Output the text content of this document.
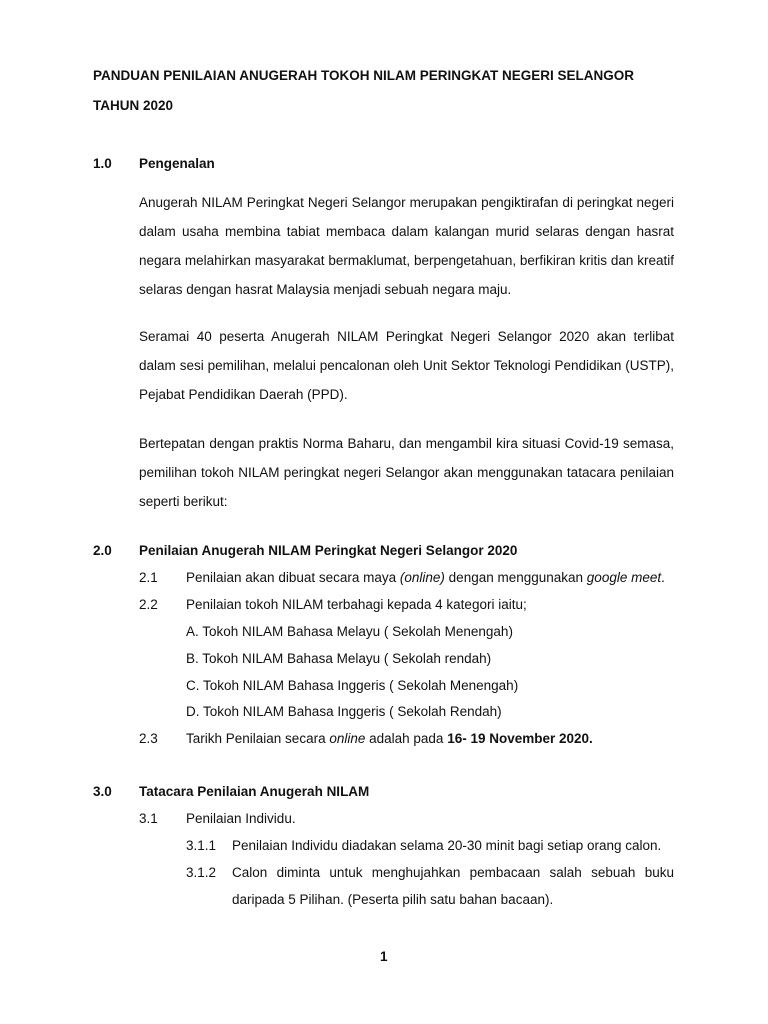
PANDUAN PENILAIAN ANUGERAH TOKOH NILAM PERINGKAT NEGERI SELANGOR
TAHUN 2020
1.0 Pengenalan
Anugerah NILAM Peringkat Negeri Selangor merupakan pengiktirafan di peringkat negeri dalam usaha membina tabiat membaca dalam kalangan murid selaras dengan hasrat negara melahirkan masyarakat bermaklumat, berpengetahuan, berfikiran kritis dan kreatif selaras dengan hasrat Malaysia menjadi sebuah negara maju.
Seramai 40 peserta Anugerah NILAM Peringkat Negeri Selangor 2020 akan terlibat dalam sesi pemilihan, melalui pencalonan oleh Unit Sektor Teknologi Pendidikan (USTP), Pejabat Pendidikan Daerah (PPD).
Bertepatan dengan praktis Norma Baharu, dan mengambil kira situasi Covid-19 semasa, pemilihan tokoh NILAM peringkat negeri Selangor akan menggunakan tatacara penilaian seperti berikut:
2.0 Penilaian Anugerah NILAM Peringkat Negeri Selangor 2020
2.1 Penilaian akan dibuat secara maya (online) dengan menggunakan google meet.
2.2 Penilaian tokoh NILAM terbahagi kepada 4 kategori iaitu;
A. Tokoh NILAM Bahasa Melayu ( Sekolah Menengah)
B. Tokoh NILAM Bahasa Melayu ( Sekolah rendah)
C. Tokoh NILAM Bahasa Inggeris ( Sekolah Menengah)
D. Tokoh NILAM Bahasa Inggeris ( Sekolah Rendah)
2.3 Tarikh Penilaian secara online adalah pada 16- 19 November 2020.
3.0 Tatacara Penilaian Anugerah NILAM
3.1 Penilaian Individu.
3.1.1 Penilaian Individu diadakan selama 20-30 minit bagi setiap orang calon.
3.1.2 Calon diminta untuk menghujahkan pembacaan salah sebuah buku daripada 5 Pilihan. (Peserta pilih satu bahan bacaan).
1
